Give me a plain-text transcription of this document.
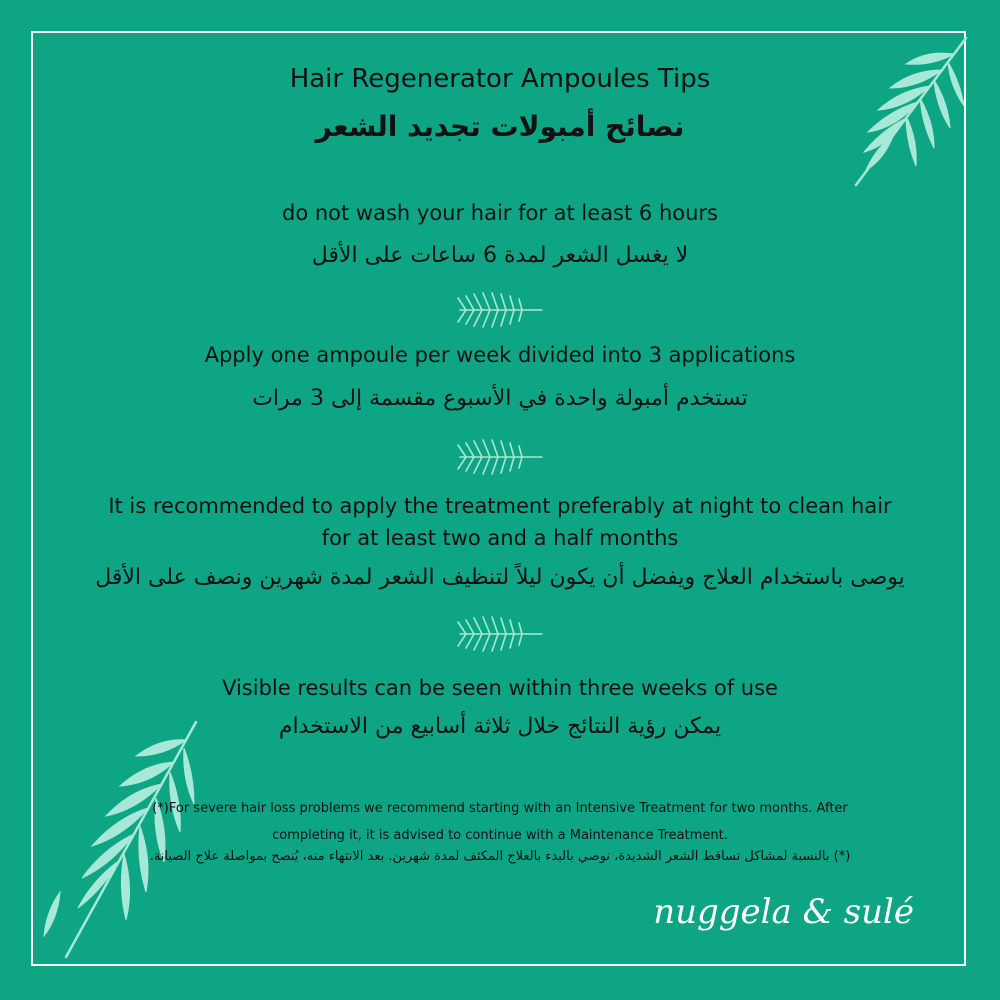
Hair Regenerator Ampoules Tips
نصائح أمبولات تجديد الشعر
do not wash your hair for at least 6 hours
لا يغسل الشعر لمدة 6 ساعات على الأقل
Apply one ampoule per week divided into 3 applications
تستخدم أمبولة واحدة في الأسبوع مقسمة إلى 3 مرات
It is recommended to apply the treatment preferably at night to clean hair
for at least two and a half months
يوصى باستخدام العلاج ويفضل أن يكون ليلاً لتنظيف الشعر لمدة شهرين ونصف على الأقل
Visible results can be seen within three weeks of use
يمكن رؤية النتائج خلال ثلاثة أسابيع من الاستخدام
(*)For severe hair loss problems we recommend starting with an Intensive Treatment for two months. After
completing it, it is advised to continue with a Maintenance Treatment.
(*) بالنسبة لمشاكل تساقط الشعر الشديدة، نوصي بالبدء بالعلاج المكثف لمدة شهرين. بعد الانتهاء منه، يُنصح بمواصلة علاج الصيانة.
nuggela & sulé
